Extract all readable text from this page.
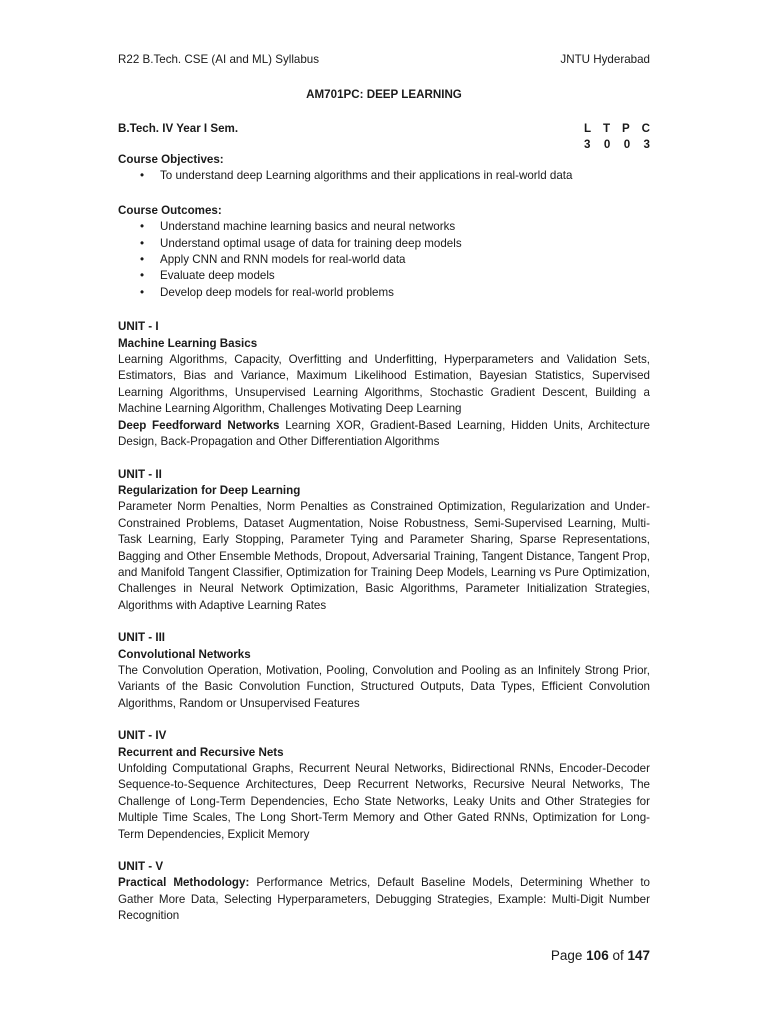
R22 B.Tech. CSE (AI and ML) Syllabus	JNTU Hyderabad
AM701PC: DEEP LEARNING
B.Tech. IV Year I Sem.	L T P C
3 0 0 3
Course Objectives:
• To understand deep Learning algorithms and their applications in real-world data
Course Outcomes:
• Understand machine learning basics and neural networks
• Understand optimal usage of data for training deep models
• Apply CNN and RNN models for real-world data
• Evaluate deep models
• Develop deep models for real-world problems
UNIT - I
Machine Learning Basics

Learning Algorithms, Capacity, Overfitting and Underfitting, Hyperparameters and Validation Sets, Estimators, Bias and Variance, Maximum Likelihood Estimation, Bayesian Statistics, Supervised Learning Algorithms, Unsupervised Learning Algorithms, Stochastic Gradient Descent, Building a Machine Learning Algorithm, Challenges Motivating Deep Learning

Deep Feedforward Networks Learning XOR, Gradient-Based Learning, Hidden Units, Architecture Design, Back-Propagation and Other Differentiation Algorithms

UNIT - II
Regularization for Deep Learning

Parameter Norm Penalties, Norm Penalties as Constrained Optimization, Regularization and Under-Constrained Problems, Dataset Augmentation, Noise Robustness, Semi-Supervised Learning, Multi-Task Learning, Early Stopping, Parameter Tying and Parameter Sharing, Sparse Representations, Bagging and Other Ensemble Methods, Dropout, Adversarial Training, Tangent Distance, Tangent Prop, and Manifold Tangent Classifier, Optimization for Training Deep Models, Learning vs Pure Optimization, Challenges in Neural Network Optimization, Basic Algorithms, Parameter Initialization Strategies, Algorithms with Adaptive Learning Rates

UNIT - III
Convolutional Networks

The Convolution Operation, Motivation, Pooling, Convolution and Pooling as an Infinitely Strong Prior, Variants of the Basic Convolution Function, Structured Outputs, Data Types, Efficient Convolution Algorithms, Random or Unsupervised Features

UNIT - IV
Recurrent and Recursive Nets

Unfolding Computational Graphs, Recurrent Neural Networks, Bidirectional RNNs, Encoder-Decoder Sequence-to-Sequence Architectures, Deep Recurrent Networks, Recursive Neural Networks, The Challenge of Long-Term Dependencies, Echo State Networks, Leaky Units and Other Strategies for Multiple Time Scales, The Long Short-Term Memory and Other Gated RNNs, Optimization for Long-Term Dependencies, Explicit Memory

UNIT - V

Practical Methodology: Performance Metrics, Default Baseline Models, Determining Whether to Gather More Data, Selecting Hyperparameters, Debugging Strategies, Example: Multi-Digit Number Recognition

Page 106 of 147
